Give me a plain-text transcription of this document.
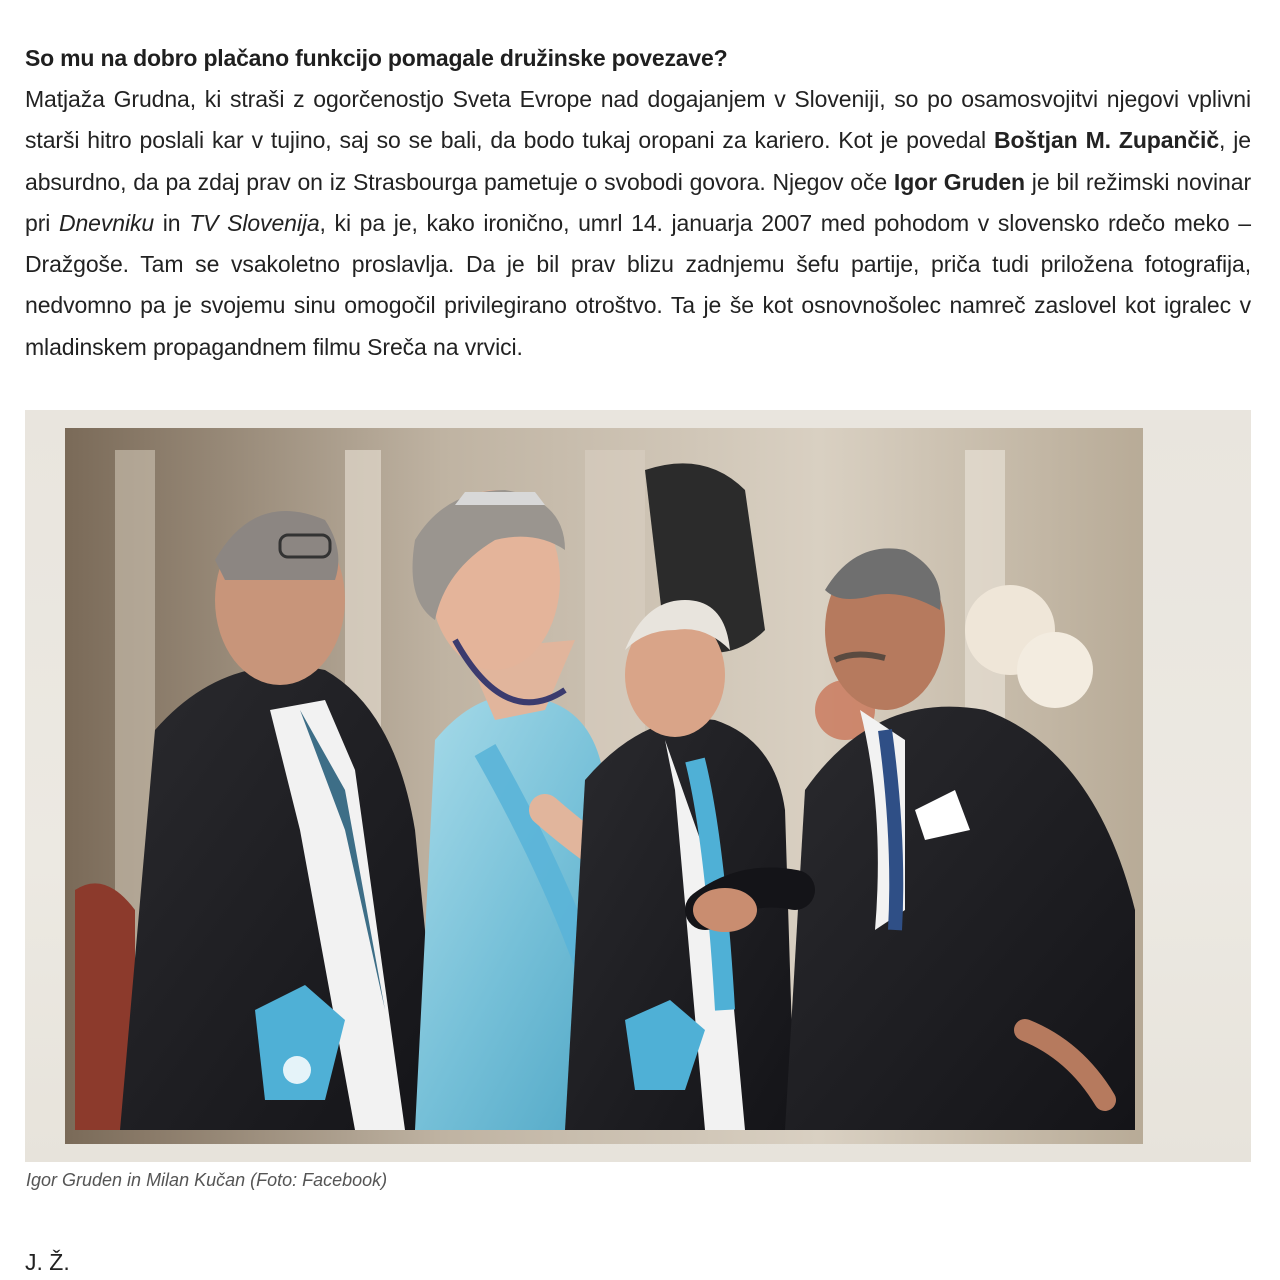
So mu na dobro plačano funkcijo pomagale družinske povezave?

Matjaža Grudna, ki straši z ogorčenostjo Sveta Evrope nad dogajanjem v Sloveniji, so po osamosvojitvi njegovi vplivni starši hitro poslali kar v tujino, saj so se bali, da bodo tukaj oropani za kariero. Kot je povedal Boštjan M. Zupančič, je absurdno, da pa zdaj prav on iz Strasbourga pametuje o svobodi govora. Njegov oče Igor Gruden je bil režimski novinar pri Dnevniku in TV Slovenija, ki pa je, kako ironično, umrl 14. januarja 2007 med pohodom v slovensko rdečo meko – Dražgoše. Tam se vsakoletno proslavlja. Da je bil prav blizu zadnjemu šefu partije, priča tudi priložena fotografija, nedvomno pa je svojemu sinu omogočil privilegirano otroštvo. Ta je še kot osnovnošolec namreč zaslovel kot igralec v mladinskem propagandnem filmu Sreča na vrvici.

Igor Gruden in Milan Kučan (Foto: Facebook)

J. Ž.
